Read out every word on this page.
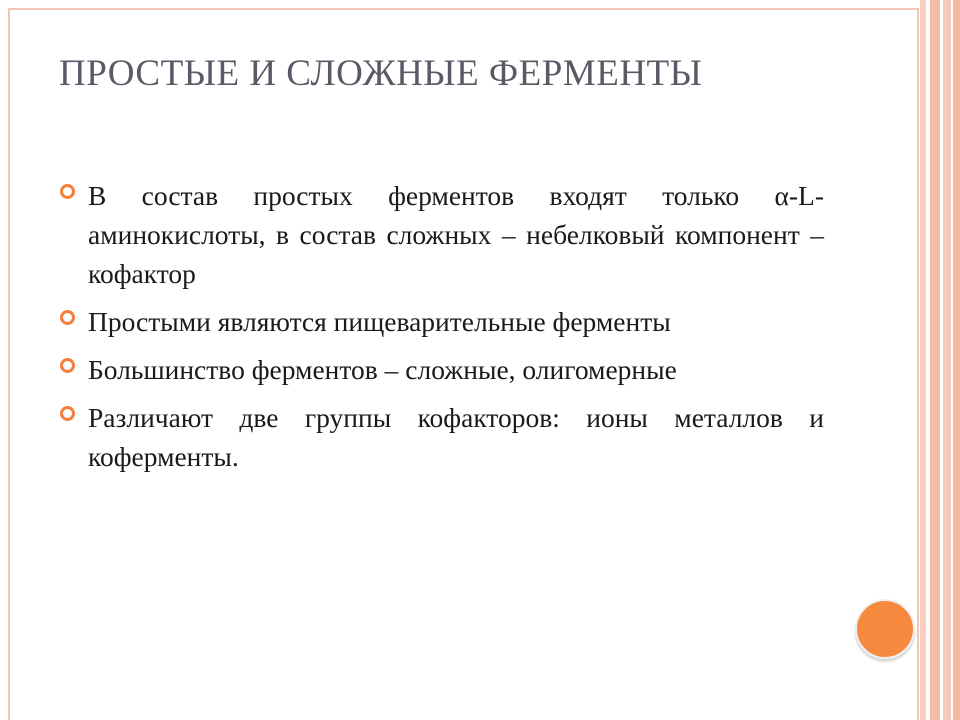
ПРОСТЫЕ И СЛОЖНЫЕ ФЕРМЕНТЫ
В состав простых ферментов входят только α-L-аминокислоты, в состав сложных – небелковый компонент – кофактор
Простыми являются пищеварительные ферменты
Большинство ферментов – сложные, олигомерные
Различают две группы кофакторов: ионы металлов и коферменты.
